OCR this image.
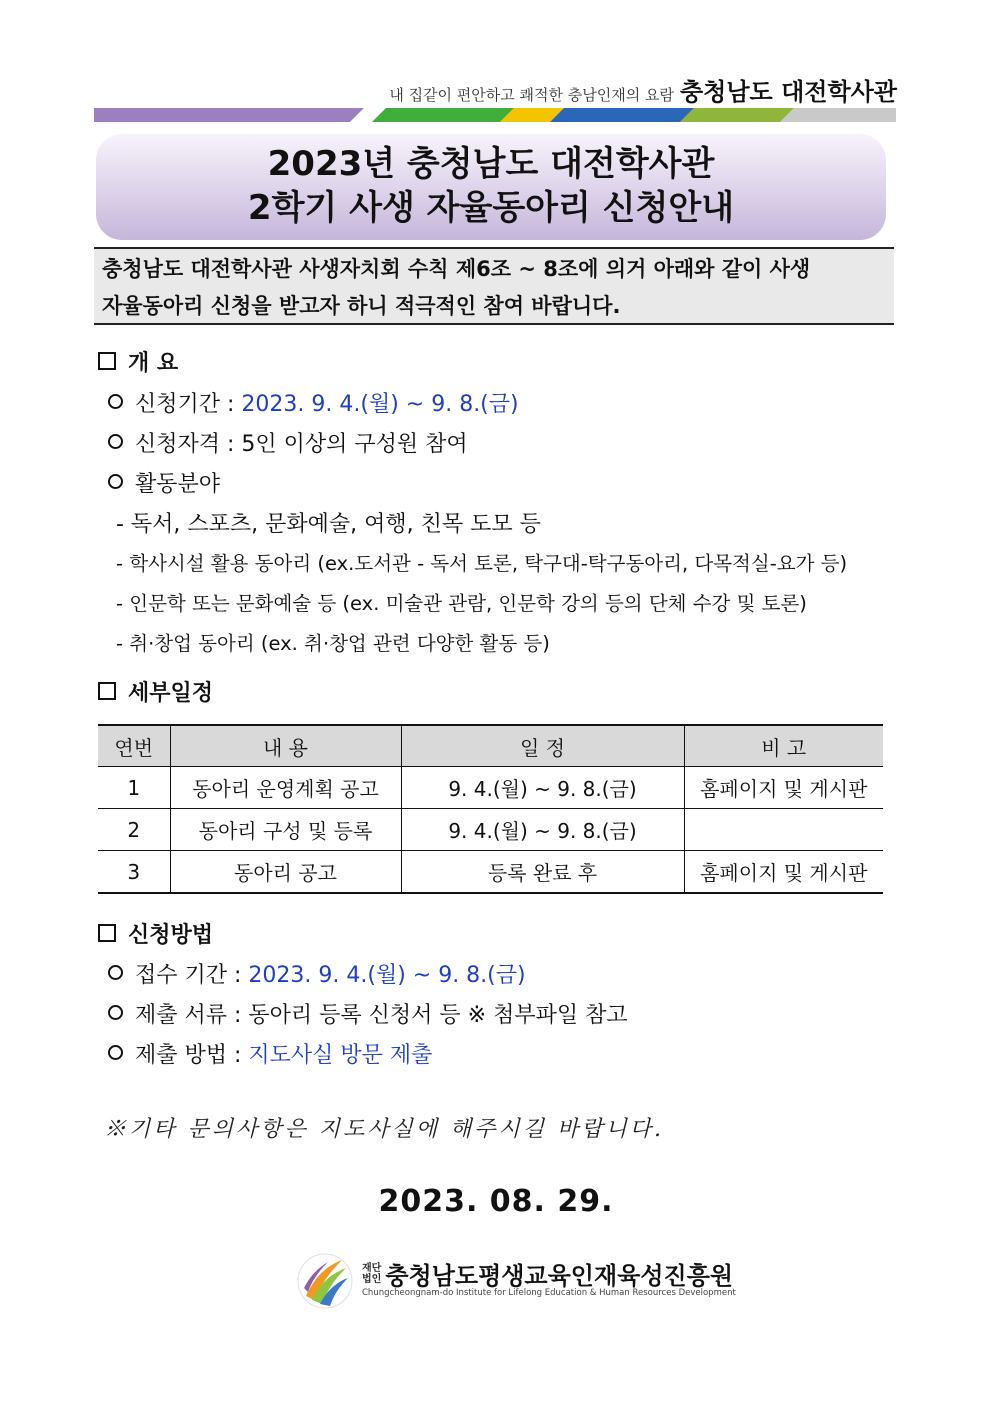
내 집같이 편안하고 쾌적한 충남인재의 요람 충청남도 대전학사관
2023년 충청남도 대전학사관
2학기 사생 자율동아리 신청안내
충청남도 대전학사관 사생자치회 수칙 제6조 ~ 8조에 의거 아래와 같이 사생
자율동아리 신청을 받고자 하니 적극적인 참여 바랍니다.
개 요
신청기간 : 2023. 9. 4.(월) ~ 9. 8.(금)
신청자격 : 5인 이상의 구성원 참여
활동분야
- 독서, 스포츠, 문화예술, 여행, 친목 도모 등
- 학사시설 활용 동아리 (ex.도서관 - 독서 토론, 탁구대-탁구동아리, 다목적실-요가 등)
- 인문학 또는 문화예술 등 (ex. 미술관 관람, 인문학 강의 등의 단체 수강 및 토론)
- 취·창업 동아리 (ex. 취·창업 관련 다양한 활동 등)
세부일정
연번	내 용	일 정	비 고
1	동아리 운영계획 공고	9. 4.(월) ~ 9. 8.(금)	홈페이지 및 게시판
2	동아리 구성 및 등록	9. 4.(월) ~ 9. 8.(금)	
3	동아리 공고	등록 완료 후	홈페이지 및 게시판
신청방법
접수 기간 : 2023. 9. 4.(월) ~ 9. 8.(금)
제출 서류 : 동아리 등록 신청서 등 ※ 첨부파일 참고
제출 방법 : 지도사실 방문 제출
※기타 문의사항은 지도사실에 해주시길 바랍니다.
2023. 08. 29.
재단
법인 충청남도평생교육인재육성진흥원
Chungcheongnam-do Institute for Lifelong Education & Human Resources Development
